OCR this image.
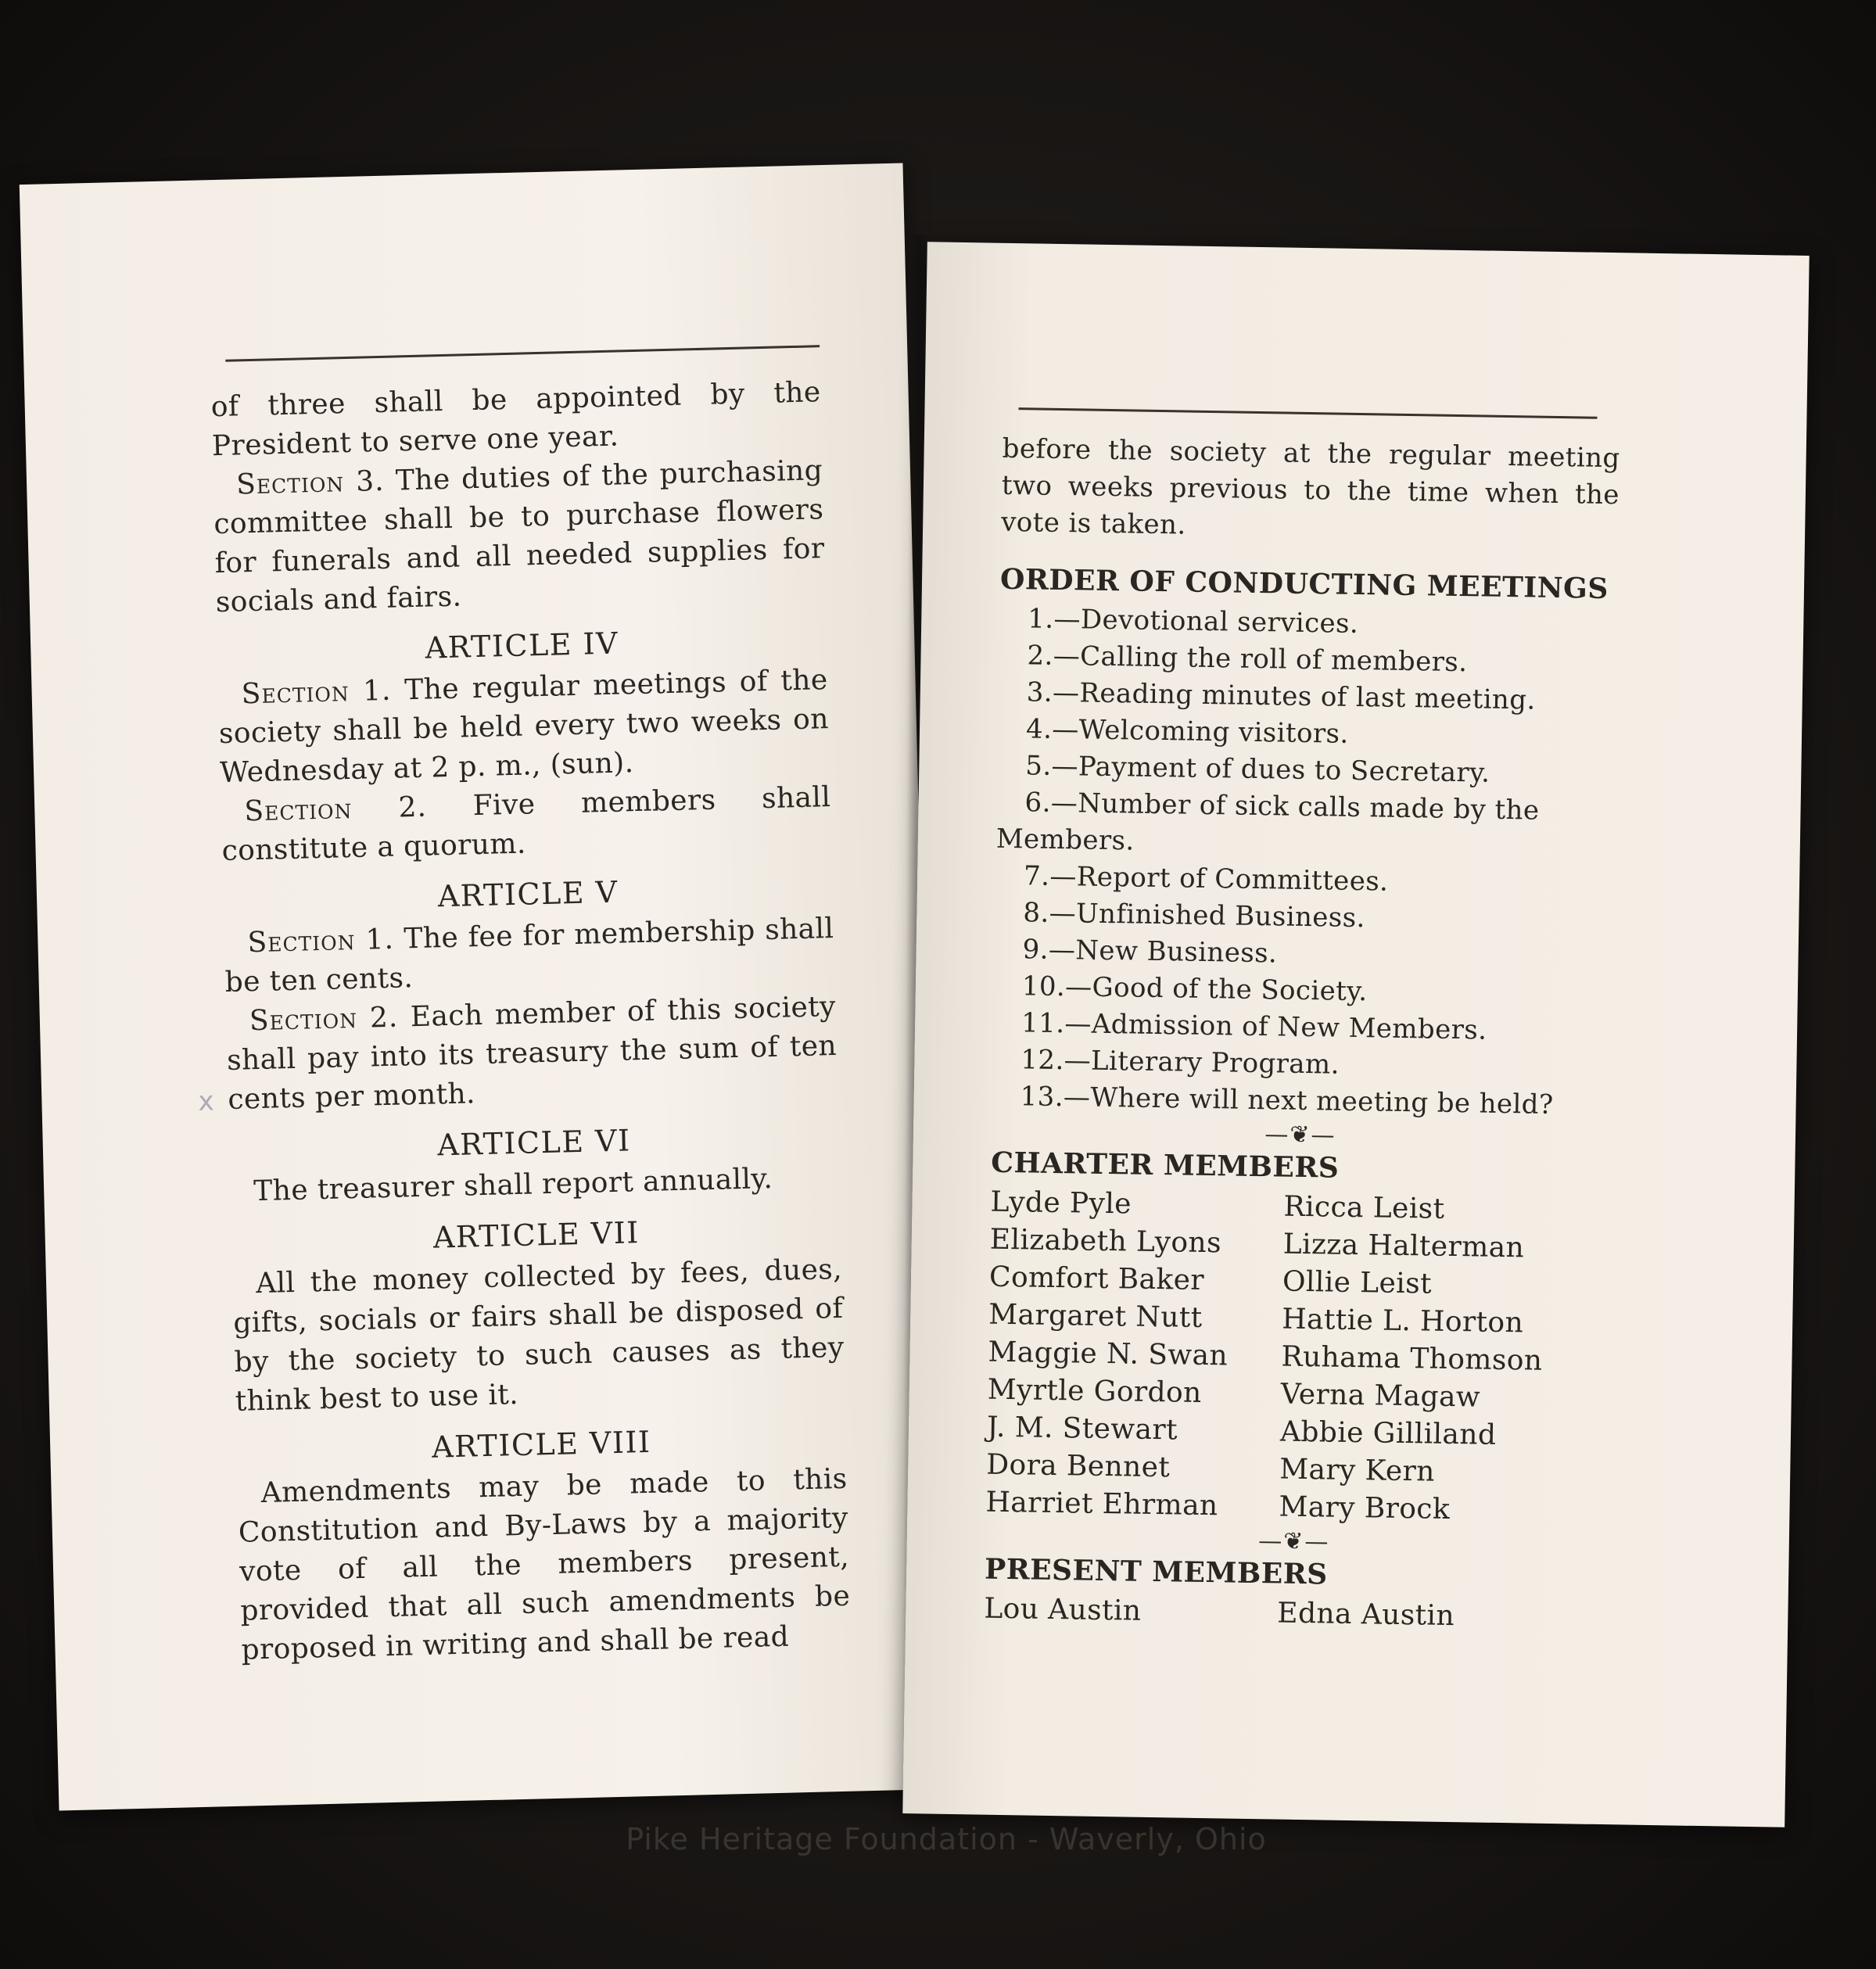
x

of three shall be appointed by the President to serve one year.

Section 3. The duties of the purchasing committee shall be to purchase flowers for funerals and all needed supplies for socials and fairs.

ARTICLE IV

Section 1. The regular meetings of the society shall be held every two weeks on Wednesday at 2 p. m., (sun).

Section 2. Five members shall constitute a quorum.

ARTICLE V

Section 1. The fee for membership shall be ten cents.

Section 2. Each member of this society shall pay into its treasury the sum of ten cents per month.

ARTICLE VI

The treasurer shall report annually.

ARTICLE VII

All the money collected by fees, dues, gifts, socials or fairs shall be disposed of by the society to such causes as they think best to use it.

ARTICLE VIII

Amendments may be made to this Constitution and By-Laws by a majority vote of all the members present, provided that all such amendments be proposed in writing and shall be read

before the society at the regular meeting two weeks previous to the time when the vote is taken.

ORDER OF CONDUCTING MEETINGS
1.—Devotional services.
2.—Calling the roll of members.
3.—Reading minutes of last meeting.
4.—Welcoming visitors.
5.—Payment of dues to Secretary.
6.—Number of sick calls made by the Members.
7.—Report of Committees.
8.—Unfinished Business.
9.—New Business.
10.—Good of the Society.
11.—Admission of New Members.
12.—Literary Program.
13.—Where will next meeting be held?
—❦—
CHARTER MEMBERS
Lyde Pyle	Ricca Leist
Elizabeth Lyons	Lizza Halterman
Comfort Baker	Ollie Leist
Margaret Nutt	Hattie L. Horton
Maggie N. Swan	Ruhama Thomson
Myrtle Gordon	Verna Magaw
J. M. Stewart	Abbie Gilliland
Dora Bennet	Mary Kern
Harriet Ehrman	Mary Brock
—❦—
PRESENT MEMBERS
Lou Austin	Edna Austin
Pike Heritage Foundation - Waverly, Ohio
